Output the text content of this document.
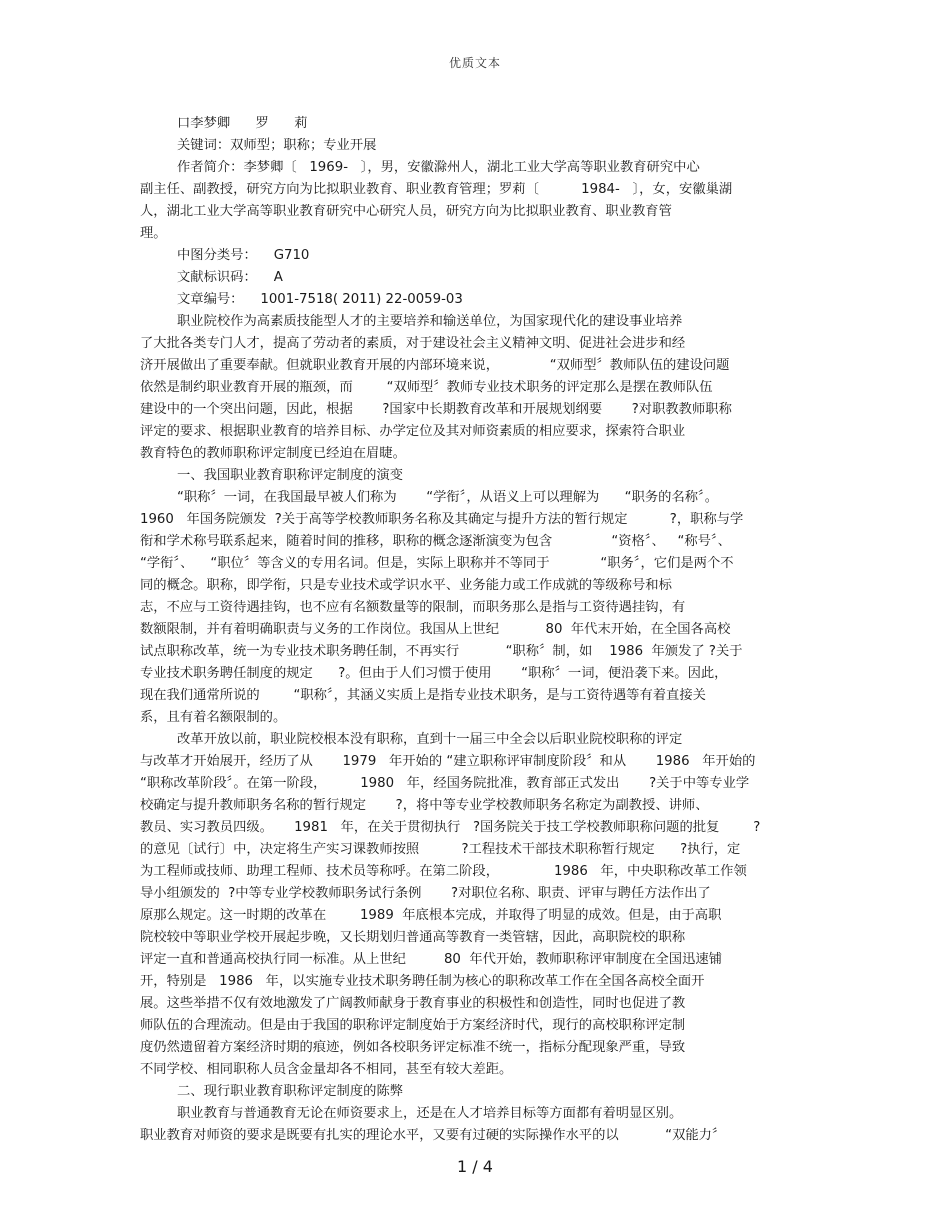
优质文本
口李梦卿      罗      莉
关键词：双师型；职称；专业开展
作者简介：李梦卿〔   1969-   〕，男，安徽滁州人，湖北工业大学高等职业教育研究中心
副主任、副教授，研究方向为比拟职业教育、职业教育管理；罗莉〔          1984-   〕，女，安徽巢湖
人，湖北工业大学高等职业教育研究中心研究人员，研究方向为比拟职业教育、职业教育管
理。
中图分类号：    G710
文献标识码：    A
文章编号：    1001-7518( 2011) 22-0059-03
职业院校作为高素质技能型人才的主要培养和输送单位，为国家现代化的建设事业培养
了大批各类专门人才，提高了劳动者的素质，对于建设社会主义精神文明、促进社会进步和经
济开展做出了重要奉献。但就职业教育开展的内部环境来说，            “双师型〞教师队伍的建设问题
依然是制约职业教育开展的瓶颈，而        “双师型〞教师专业技术职务的评定那么是摆在教师队伍
建设中的一个突出问题，因此，根据       ?国家中长期教育改革和开展规划纲要       ?对职教教师职称
评定的要求、根据职业教育的培养目标、办学定位及其对师资素质的相应要求，探索符合职业
教育特色的教师职称评定制度已经迫在眉睫。
一、我国职业教育职称评定制度的演变
“职称〞一词，在我国最早被人们称为       “学衔〞，从语义上可以理解为      “职务的名称〞。
1960   年国务院颁发  ?关于高等学校教师职务名称及其确定与提升方法的暂行规定          ?，职称与学
衔和学术称号联系起来，随着时间的推移，职称的概念逐渐演变为包含              “资格〞、   “称号〞、
“学衔〞、    “职位〞等含义的专用名词。但是，实际上职称并不等同于            “职务〞，它们是两个不
同的概念。职称，即学衔，只是专业技术或学识水平、业务能力或工作成就的等级称号和标
志，不应与工资待遇挂钩，也不应有名额数量等的限制，而职务那么是指与工资待遇挂钩，有
数额限制，并有着明确职责与义务的工作岗位。我国从上世纪           80  年代末开始，在全国各高校
试点职称改革，统一为专业技术职务聘任制，不再实行           “职称〞制，如    1986  年颁发了 ?关于
专业技术职务聘任制度的规定      ?。但由于人们习惯于使用       “职称〞一词，便沿袭下来。因此，
现在我们通常所说的        “职称〞，其涵义实质上是指专业技术职务，是与工资待遇等有着直接关
系，且有着名额限制的。
改革开放以前，职业院校根本没有职称，直到十一届三中全会以后职业院校职称的评定
与改革才开始展开，经历了从       1979   年开始的 “建立职称评审制度阶段〞和从       1986   年开始的
“职称改革阶段〞。在第一阶段，        1980   年，经国务院批准，教育部正式发出       ?关于中等专业学
校确定与提升教师职务名称的暂行规定       ?，将中等专业学校教师职务名称定为副教授、讲师、
教员、实习教员四级。     1981   年，在关于贯彻执行   ?国务院关于技工学校教师职称问题的批复        ?
的意见〔试行〕中，决定将生产实习课教师按照          ?工程技术干部技术职称暂行规定      ?执行，定
为工程师或技师、助理工程师、技术员等称呼。在第二阶段，             1986   年，中央职称改革工作领
导小组颁发的  ?中等专业学校教师职务试行条例       ?对职位名称、职责、评审与聘任方法作出了
原那么规定。这一时期的改革在        1989  年底根本完成，并取得了明显的成效。但是，由于高职
院校较中等职业学校开展起步晚，又长期划归普通高等教育一类管辖，因此，高职院校的职称
评定一直和普通高校执行同一标准。从上世纪         80  年代开始，教师职称评审制度在全国迅速铺
开，特别是   1986   年，以实施专业技术职务聘任制为核心的职称改革工作在全国各高校全面开
展。这些举措不仅有效地激发了广阔教师献身于教育事业的积极性和创造性，同时也促进了教
师队伍的合理流动。但是由于我国的职称评定制度始于方案经济时代，现行的高校职称评定制
度仍然遗留着方案经济时期的痕迹，例如各校职务评定标准不统一，指标分配现象严重，导致
不同学校、相同职称人员含金量却各不相同，甚至有较大差距。
二、现行职业教育职称评定制度的陈弊
职业教育与普通教育无论在师资要求上，还是在人才培养目标等方面都有着明显区别。
职业教育对师资的要求是既要有扎实的理论水平，又要有过硬的实际操作水平的以           “双能力〞
1 / 4
